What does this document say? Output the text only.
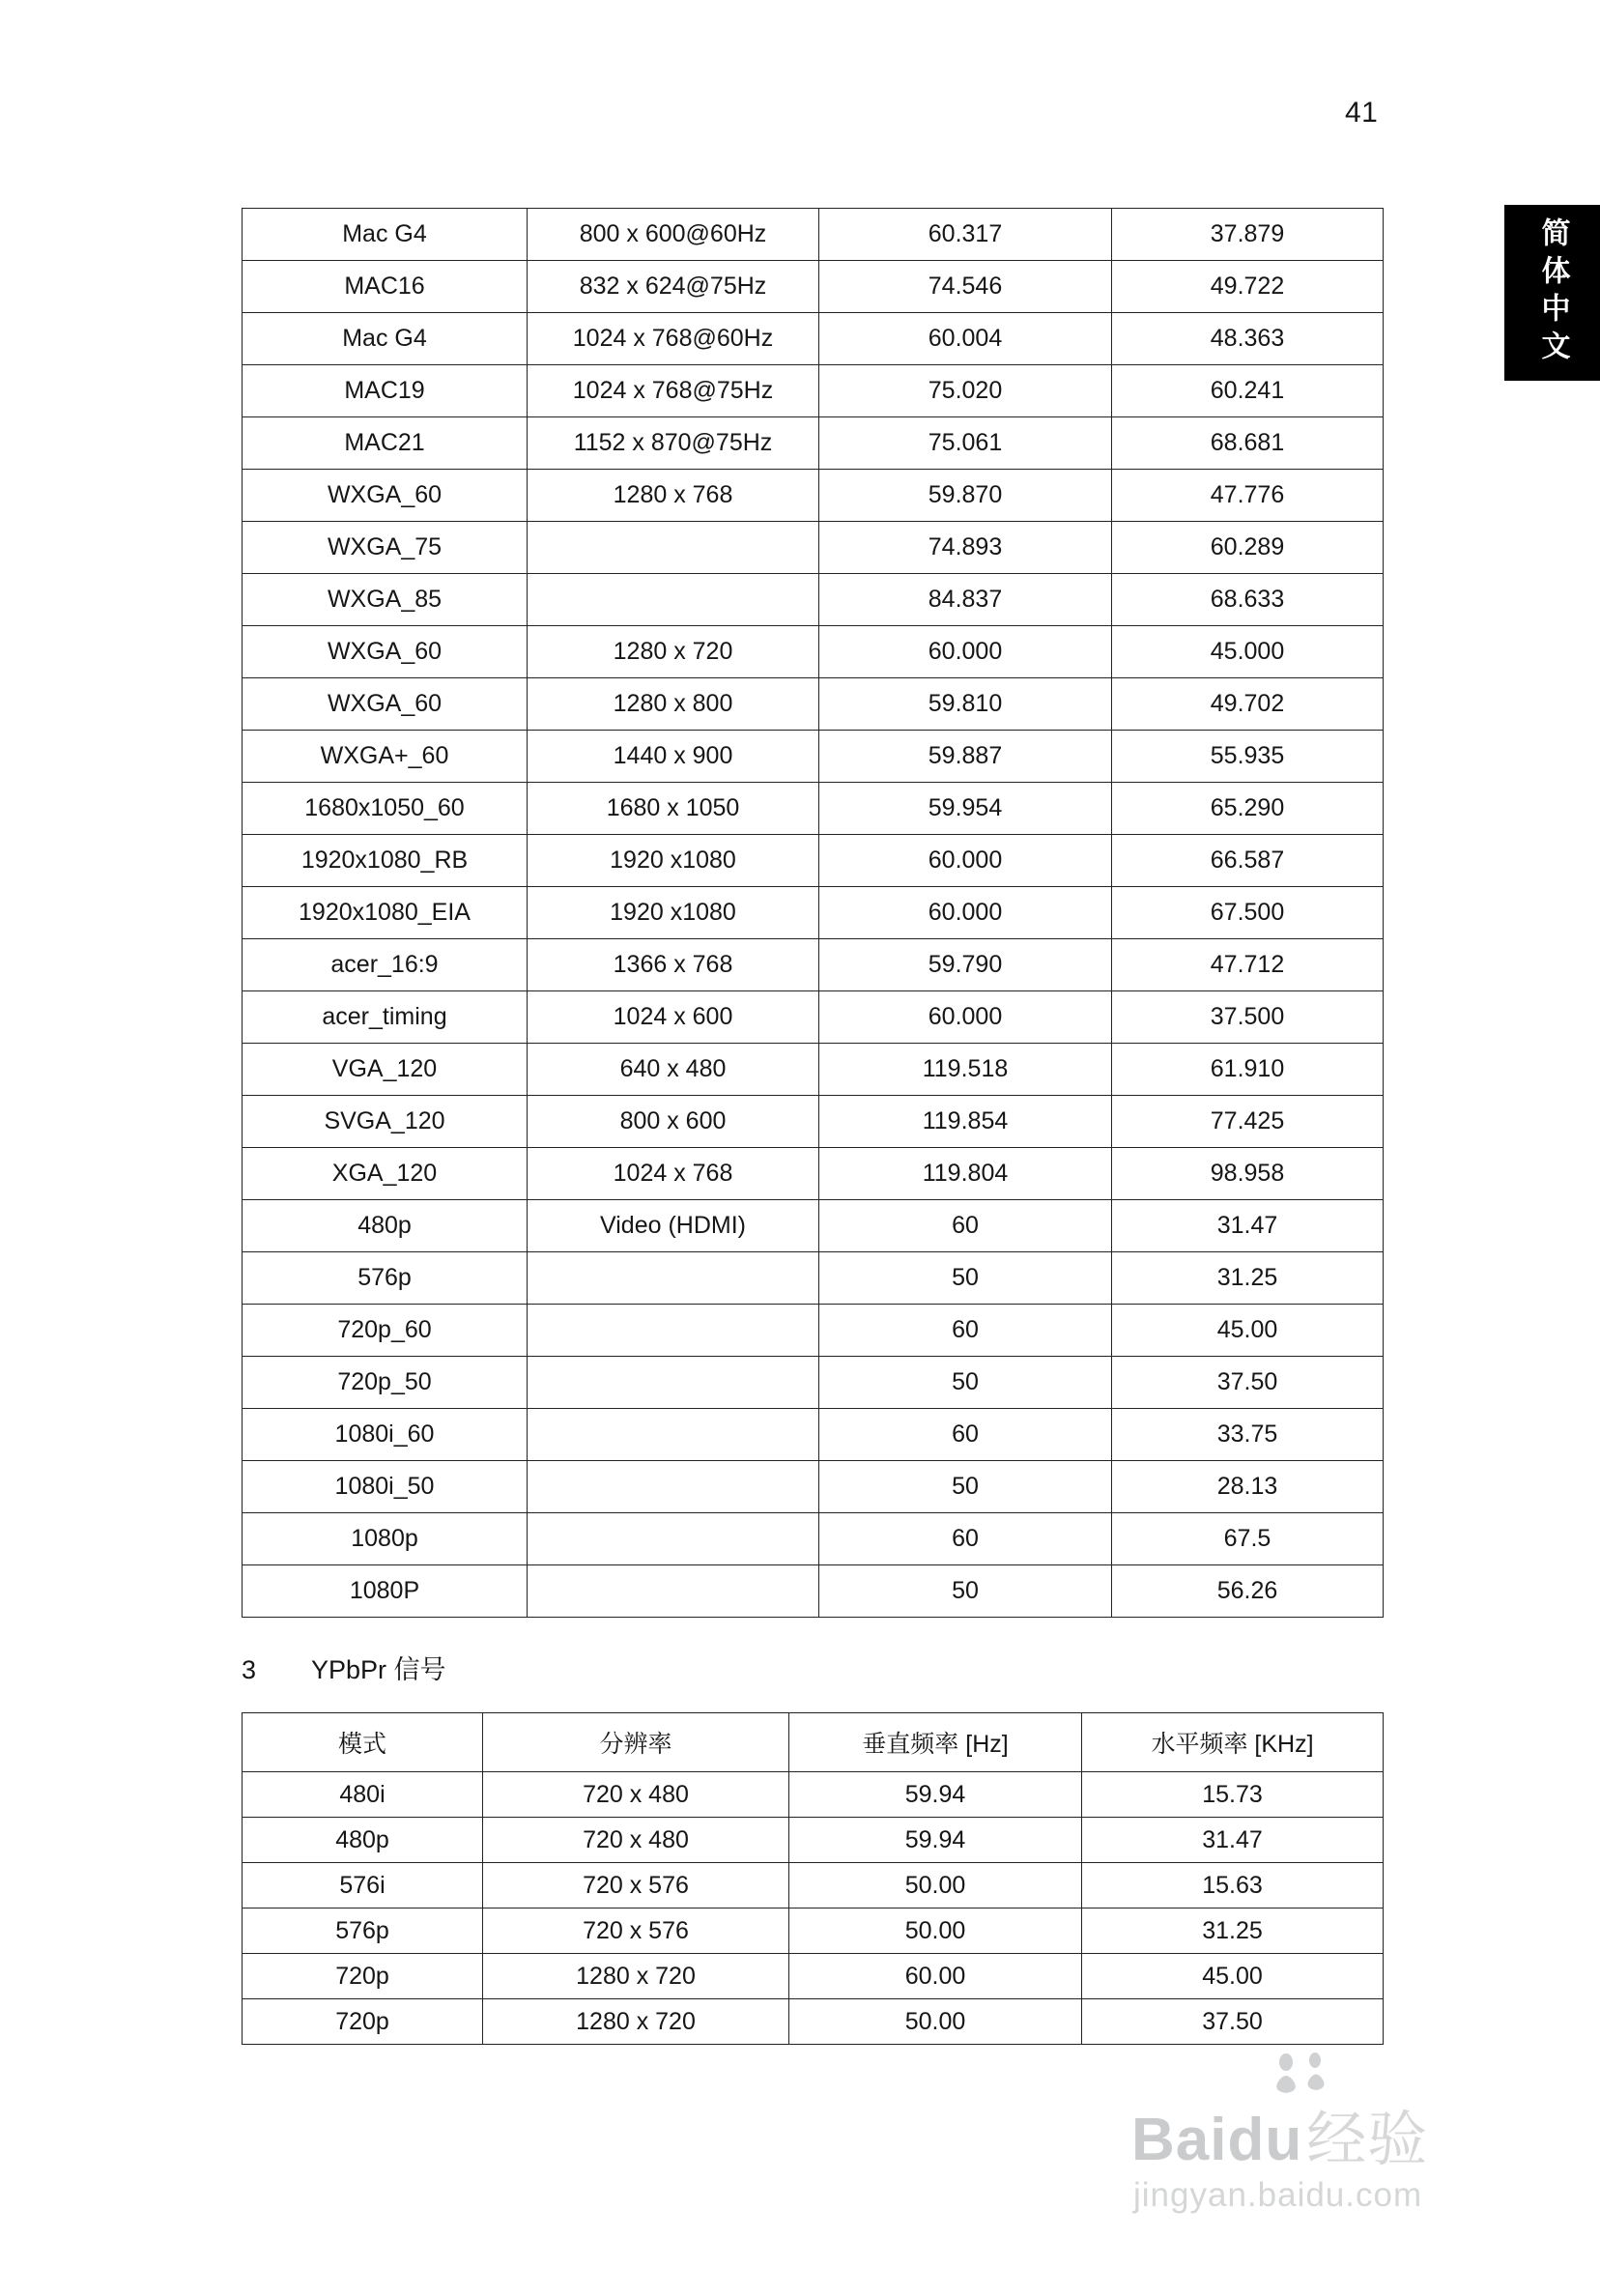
41
简体中文
Mac G4	800 x 600@60Hz	60.317	37.879
MAC16	832 x 624@75Hz	74.546	49.722
Mac G4	1024 x 768@60Hz	60.004	48.363
MAC19	1024 x 768@75Hz	75.020	60.241
MAC21	1152 x 870@75Hz	75.061	68.681
WXGA_60	1280 x 768	59.870	47.776
WXGA_75		74.893	60.289
WXGA_85		84.837	68.633
WXGA_60	1280 x 720	60.000	45.000
WXGA_60	1280 x 800	59.810	49.702
WXGA+_60	1440 x 900	59.887	55.935
1680x1050_60	1680 x 1050	59.954	65.290
1920x1080_RB	1920 x1080	60.000	66.587
1920x1080_EIA	1920 x1080	60.000	67.500
acer_16:9	1366 x 768	59.790	47.712
acer_timing	1024 x 600	60.000	37.500
VGA_120	640 x 480	119.518	61.910
SVGA_120	800 x 600	119.854	77.425
XGA_120	1024 x 768	119.804	98.958
480p	Video (HDMI)	60	31.47
576p		50	31.25
720p_60		60	45.00
720p_50		50	37.50
1080i_60		60	33.75
1080i_50		50	28.13
1080p		60	67.5
1080P		50	56.26
3	YPbPr 信号
模式	分辨率	垂直频率 [Hz]	水平频率 [KHz]
480i	720 x 480	59.94	15.73
480p	720 x 480	59.94	31.47
576i	720 x 576	50.00	15.63
576p	720 x 576	50.00	31.25
720p	1280 x 720	60.00	45.00
720p	1280 x 720	50.00	37.50
Baidu经验
jingyan.baidu.com
